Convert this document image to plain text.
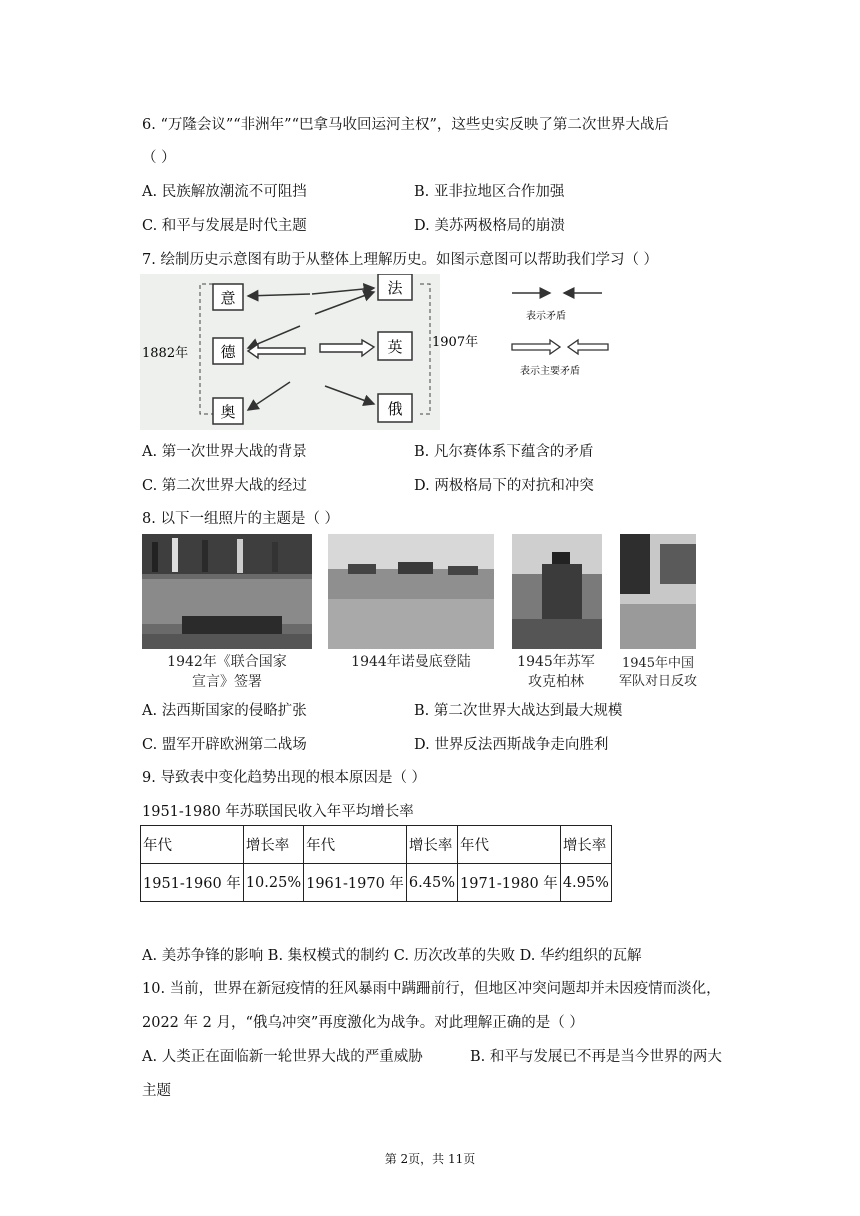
6. “万隆会议”“非洲年”“巴拿马收回运河主权”，这些史实反映了第二次世界大战后
（ ）
A. 民族解放潮流不可阻挡	B. 亚非拉地区合作加强
C. 和平与发展是时代主题	D. 美苏两极格局的崩溃
7. 绘制历史示意图有助于从整体上理解历史。如图示意图可以帮助我们学习（ ）
意
德
奥
法
英
俄
1882年
1907年
表示矛盾
表示主要矛盾
A. 第一次世界大战的背景	B. 凡尔赛体系下蕴含的矛盾
C. 第二次世界大战的经过	D. 两极格局下的对抗和冲突
8. 以下一组照片的主题是（ ）
1942年《联合国家
宣言》签署
1944年诺曼底登陆	1945年苏军
攻克柏林
1945年中国
军队对日反攻
A. 法西斯国家的侵略扩张	B. 第二次世界大战达到最大规模
C. 盟军开辟欧洲第二战场	D. 世界反法西斯战争走向胜利
9. 导致表中变化趋势出现的根本原因是（ ）
1951-1980 年苏联国民收入年平均增长率
年代	增长率	年代	增长率	年代	增长率
1951-1960 年	10.25%	1961-1970 年	6.45%	1971-1980 年	4.95%
A. 美苏争锋的影响 B. 集权模式的制约 C. 历次改革的失败 D. 华约组织的瓦解
10. 当前，世界在新冠疫情的狂风暴雨中蹒跚前行，但地区冲突问题却并未因疫情而淡化，
2022 年 2 月，“俄乌冲突”再度激化为战争。对此理解正确的是（ ）
A. 人类正在面临新一轮世界大战的严重威胁	B. 和平与发展已不再是当今世界的两大
主题
第 2页，共 11页
